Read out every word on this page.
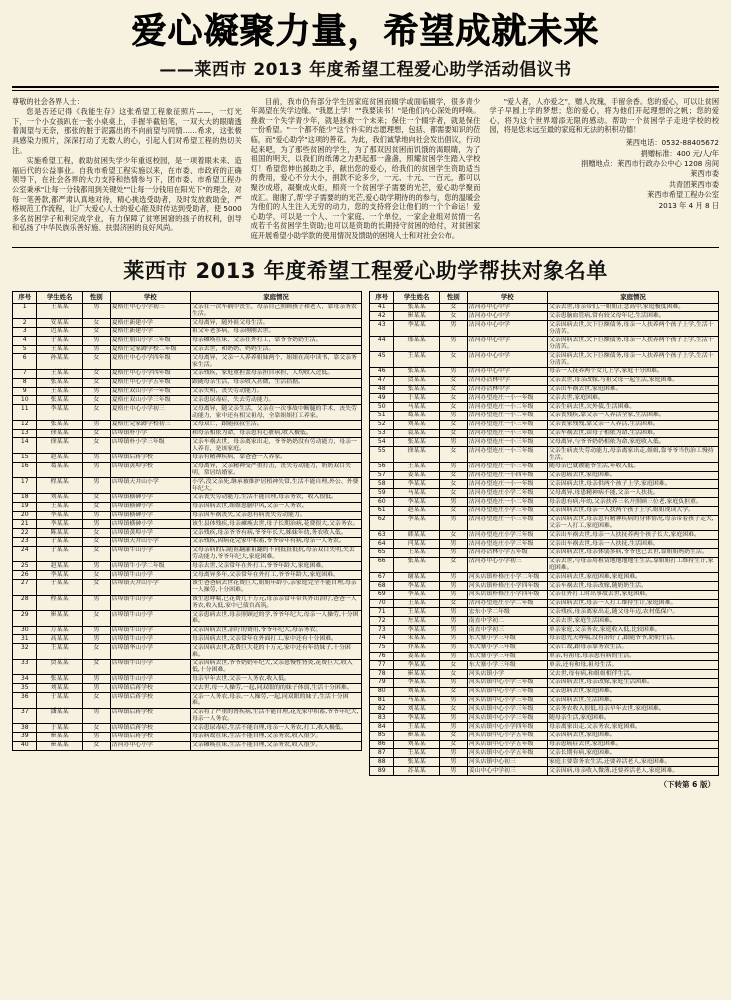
爱心凝聚力量，希望成就未来
——莱西市 2013 年度希望工程爱心助学活动倡议书

尊敬的社会各界人士：

您是否还记得《我能生存》这张希望工程象征照片——，一灯光下，一个小女孩趴在一张小桌桌上，手握半截铅笔，一双大大的眼睛透着渴望与无奈，那张的脏于泥露出的不向前望与同情……希求，这张极具感染力照片，深深打动了无数人的心，引起人们对希望工程的热切关注。

实施希望工程，救助贫困失学少年重返校园，是一项着眼未来、造福后代的公益事业。自我市希望工程实施以来，在市委、市政府的正确领导下，在社会各界的大力支持和热情参与下，团市委、市希望工程办公室秉承"让每一分钱都用到关键处""让每一分钱用在阳光下"的理念，对每一笔善款,都严肃认真地对待，精心挑选受助者，及时发放救助金，严格规范工作流程，让广大爱心人士的爱心能及时传达到受助者，使 5000 多名贫困学子和利完成学业，有力保障了贫寒困窘的孩子的权利，创导和弘扬了中华民族乐善好施、扶弱济困的良好风尚。

目前，我市仍有部分学生因家庭贫困而辍学或面临辍学，很多青少年渴望在失学边缘。"我愿上学！""我要读书！"是他们内心深处的呼唤。挽救一个失学青少年，就是拯救一个未来；保住一个辍学者，就是保住一份希望。"一个都不能少"这个朴实的志愿理想，包括、都需要知识的莅临，而"爱心助学"这项的善花。为此，我们诚挚地向社会发出倡议，行动起来吧，为了那些贫困的学生，为了那双因贫困而饥饿的渴眼睛，为了祖国的明天，以我们的纸薄之力把起那一盏盏，照耀贫困学生踏入学校灯！希望您伸出援助之手，献出您的爱心，给我们的贫困学生资助适当的费用，爱心不分大小，捐款不论多少，一元、十元、一百元，都可以聚沙成塔，凝聚成火炬，照亮一个贫困学子需要的光芒，爱心助学聚而成汇。谢谢了,帮'学子需要的的光芒,爱心助学期待的的参与，您的温暖会为他们的人生注入无穷的动力，您的支持将会让他们的一个个命运！爱心助学，可以是一个人、一个家庭、一个单位，一家企业组对贫情一名成若千名贫困学生资助;也可以是资助的长期持守贫困的给付，对贫困家庭开展希望小助学款的使用情况及馈助的困境人士和对社会公布。

"爱人者，人亦爱之"，赠人玫瑰，手留余香。您的爱心，可以让贫困学子早圆上学的梦想；您的爱心，将为他们开起理想的之帆；您的爱心，将为这个世界增添无限的感动。帮助一个贫困学子走进学校的校园，将是您未远至最的家庭和无法的积积功德！

莱西电话：0532-88405672

捐赠标准：400 元/人/年

捐赠地点：莱西市行政办公中心 1208 房间

莱西市委

共青团莱西市委

莱西市希望工程办公室

2013 年 4 月 8 日

莱西市 2013 年度希望工程爱心助学帮扶对象名单
序号	学生姓名	性别	学校	家庭情况
1	王某某	男	夏格庄中心小学初三	父亲在一次车祸中丧生，母亲自己照顾孩子和老人，靠母亲务农生活。
2	安某某	女	夏格庄新建小学	父母离异，随外祖父母生活。
3	迟某某	女	夏格庄新建小学	祖父年老多病，母亲刚刚去世。
4	于某某	男	夏格庄朋山小学三年级	母亲瘫痪在床，父亲在外打工，靠爷爷奶奶生活。
5	王某某	男	夏格庄完家蹲学校二年级	父亲去世，和奶奶、妈妈生活。
6	孙某某	女	夏格庄中心小学四年级	父母离异，父亲一人养养姐妹两个，姐姐在高中读书，靠父亲务家生活。
7	王某某	女	夏格庄中心小学四年级	父亲残疾，家庭重担盖母亲担自承担，人均收入过低。
8	张某某	女	夏格庄中心小学五年级	跟随母亲生活，母亲收入甚微，生活拮据。
9	王某某	男	夏格庄双山小学一年级	父亲失明，丧失劳动能力。
10	张某某	女	夏格庄双山小学三年级	父亲患尿毒症，失去劳动能力。
11	李某某	女	夏格庄中心小学初三	父母离异，随父亲生活，父亲在一次事故中断腿的手术，丧失劳动能力，家中还有相父祖母，全靠姐姐打工养家。
12	张某某	男	夏格庄完家蹲学校初三	父母双亡，跟随叔叔生活。
13	徐某某	女	店埠镇朴小学	和母亲相依为命，母亲患有心脏病,收入极低。
14	徐某某	女	店埠镇朴小学三年级	父亲车祸去世，母亲离家出走，爷爷奶奶没有劳动能力，母亲一人养育，是该家庭。
15	赵某某	男	店埠镇后蒋学校	母亲有精神疾病，靠爸爸一人养家。
16	葛某某	男	店埠镇黄埠学校	父母离异，父亲精神受严重打击，丧失劳动能力，奶奶双目失明，常居结婚家。
17	程某某	男	店埠镇天井山小学	小学,没父亲死,继承被维护居植神失常,生活不能自理,外公、外婆年纪大。
18	刘某某	女	店埠镇横砷小学	父亲丧失劳动能力,生活不能自理,母亲务农，收入很低。
19	王某某	女	店埠镇横砷小学	母亲因病去世,姐姐患脑中风,父亲一人务农。
20	李某某	男	店埠镇横砷小学	母亲因车祸丧失,父亲患有病丧失劳动能力。
21	李某某	男	店埠镇横砷小学	该生县体残疾,母亲瘫痪去世,母子长期治病,花费很大,父亲务农。
22	陈某某	女	店埠镇黄埠小学	父亲残疾,母亲爷爷有病,爷爷年长大,姊妹年幼,务农收入低。
23	于某某	女	店埠镇天井山小学	父亲残疾,因病花完家中积蓄,爷爷带年有病,母亲一人务农。
24	于某某	女	店埠镇牛山小学	父母亲病的后随祖翻灌祖翻的不同抵扯抵抗,母亲双目失明,失去劳动能力,爷爷年纪大,家庭困难。
25	赵某某	男	店埠镇牛小学二年级	母亲去世,父亲常年在外打工,爷爷年龄大,家庭困难。
26	李某某	女	店埠镇牛山小学	父母离异多年,父亲常年在外打工,爷爷年龄大,家庭困难。
27	于某某	女	店埠镇天井山小学	该生爸爸病去世花费巨大,姐姐年龄小,亲家庭完全不能自理,母亲一人操劳,十分困难。
28	程某某	男	店埠镇牛山小学	该生患哮喘,已花费几十万元,母亲亲常年带其外出治疗,爸爸一人务农,收入低,家中已债台高筑。
29	崔某某	女	店埠镇牛山小学	父亲患病去世,母亲照顾过的学,爷爷年纪大,母亲一人操劳,十分困难。
30	万某某	男	店埠镇牛山小学	父亲因病去世,治疗的费用,爷爷年纪大,母亲务农。
31	高某某	男	店埠镇牛山小学	母亲因病去世,父亲常年在外面打工,家中还有十分困难。
32	王某某	女	店埠镇华山小学	父亲因病去世,花费巨大花的十万元,家中还有年幼妹子,十分困难。
33	贾某某	女	店埠镇牛山小学	父亲因病去世,爷爷奶奶年纪大,父亲患慢性肾炎,花费巨大,收入低,十分困难。
34	张某某	男	店埠镇牛山小学	母亲早年去世,父亲一人务农,收入低。
35	刘某某	男	店埠镇后蒋学校	父去世,母一人操劳,一起,同双眼的的妹子体弱,生活十分困难。
36	于某某	女	店埠镇后蒋学校	父亲一人务农,母亲,一人操劳,一起,同双眼的妹子,生活十分困难。
37	潘某某	男	店埠镇后蒋学校	父亲将了严重的肾疾病,生活不能自理,花光家中积蓄,爷爷年纪大,母亲一人务农。
38	于某某	女	店埠镇后蒋学校	父亲患尿毒症,生活不能自理,母亲一人务农,打工,收入极低。
39	崔某某	男	店埠镇后蒋学校	母亲病故在床,生活不能自理,父亲务农,收入很少。
40	崔某某	女	沽河办中心小学	父亲瘫痪在床,生活不能自理,父亲务农,收入很少。
序号	学生姓名	性别	学校	家庭情况
41	张某某	女	沽河办中心中学	父亲去世,母亲带们,一姐姐正念高中,家庭极度困难。
42	崔某某	女	沽河办中心中学	父亲患脑血管病,常有较父母年记,生活困难。
43	李某某	男	沽河办中心中学	父亲因病去世,欠下巨额债务,母亲一人扶养两个孩子上学,生活十分清苦。
44	邢某某	男	沽河办中心中学	父亲因病去世,欠下巨额债务,母亲一人扶养两个孩子上学,生活十分清苦。
45	王某某	女	沽河办中心中学	父亲因病去世,欠下巨额债务,母亲一人扶养两个孩子上学,生活十分清苦。
46	张某某	男	沽河办中心中学	母亲一人抚养两个女儿上学,家庭十分困难。
47	贺某某	女	沽河办沽林中学	父亲去世,母亲改嫁,与祖父母一起生活,家庭困难。
48	张某某	女	沽河办沽林中学	父亲出车祸去世,家庭困难。
49	于某某	女	沽河办望连庄一小一年级	父亲去世,家庭困难。
50	马某某	女	沽河办望连庄一小二年级	父亲生病去世,欠外债,生活困难。
51	葛某某	男	沽河办望连庄一小二年级	父亲丧残疾,靠父亲一人养活全家,生活困难。
52	刘某某	女	沽河办望连庄一小三年级	父亲丧家残残,靠父亲一人养活,生活困难。
53	袁某某	女	沽河办望连庄一小三年级	父亲车祸去世,由母子相依为命,生活困难。
54	张某某	男	沽河办望连庄一小三年级	父母离异,与爷爷奶奶相依为命,家庭收入低。
55	徐某某	女	沽河办望连庄一小三年级	父亲生病丧失劳动能力,母亲离家出走,姐姐,靠爷爷当伤治工慢持生活。
56	王某某	男	沽河办望连庄一小三年级	随母亲巴就被能爷生活,年收入低。
57	姜某某	女	沽河办望连庄一小四年级	父亲患癌去世,家庭困难。
58	李某某	女	沽河办望连庄一小一年级	父亲因病去世,母亲供两个孩子上学,家庭困难。
59	马某某	女	沽河办望连庄小学二年级	父母离异,母患精神病不能,父亲一人扶抚。
60	李某某	男	沽河办望连庄一小二年级	母亲患有病,年幼,父亲扶养三名开照顾三位老,家庭负担重。
61	赵某某	女	沽河办望连庄小学三年级	父亲因病去世,母亲一人扶两个孩子上学,姐姐现读大学。
62	李某某	男	沽河办望连庄一小三年级	父亲因病去世,母亲患有精神疾病的身体情况,母亲带着孩子走夫,父亲一人打工,家庭困难。
63	韩某某	女	沽河办望连庄小学三年级	父亲出车祸去世,母亲一人扶抚养两个孩子长大,家庭困难。
64	闫某某	男	沽河办望连庄小学三年级	父亲出车祸去世,母亲一人扶抚,生活困难。
65	王某某	男	沽河办沽林小学五年级	父亲因病去世,母亲体弱多病,爷爷也已去世,靠姐姐妈奶生活。
66	张某某	女	沽河办中心小学初三	父亲去世,与母亲用租赁地地地地生生活,靠姐姐打工维持生计,家庭困难。
67	谢某某	男	河头店镇朴格庄小学二年级	父亲因病去世,家庭困难,家庭困难。
68	李某某	男	河头店镇朴格庄小学四年级	父亲车祸去世,母亲改嫁,随奶奶生活。
69	李某某	男	河头店镇朴格庄小学四年级	父亲在外打工时出事故去世,家庭困难。
70	王某某	女	沽河办望连庄小学二年级	父亲因病去世,母亲一人打工维持生计,家庭困难。
71	王某某	男	宏东小学二年级	父亲残疾,母亲离家出走,随父母年迈,农村低保户。
72	左某某	男	南直中学初二	父亲去世,家庭生活困难。
73	李某某	男	南直中学初三	单亲家庭,父亲务农,家庭收入低,比较困难。
74	宋某某	男	东大寨小学三年级	母亲患先天哮喘,没有治好了,跟随爷爷,奶奶生活。
75	乔某某	男	东大寨小学三年级	父亲亡故,跟母亲靠务农生活。
76	姜某某	男	东大寨小学三年级	单亲,有祖母,母亲患有病的生活。
77	李某某	女	东大寨小学三年级	单亲,还有和母,祖母生活。
78	崔某某	女	河头店镇小学	父去世,母有病,和姐姐相伴生活。
79	李某某	男	河头店镇中心小学三年级	父亲因病去世,母亲改嫁,家庭生活困难。
80	刘某某	女	河头店镇中心小学三年级	父亲患病去世,家庭困难。
81	马某某	男	河头店镇中心小学三年级	父亲因病去世,生活困难。
82	刘某某	女	河头店镇中心小学三年级	父亲务农收入很低,母亲早年去世,家庭困难。
83	李某某	男	河头店镇中心小学三年级	随母亲生活,家庭困难。
84	王某某	男	河头店镇中心小学四年级	母亲离家出走,父亲务农,家庭困难。
85	崔某某	女	河头店镇中心小学五年级	父亲因病去世,家庭困难。
86	刘某某	女	河头店镇中心小学五年级	母亲患癌症去世,家庭困难。
87	王某某	男	河头店镇中心小学五年级	父亲长期有病,家庭困难。
88	张某某	男	河头店镇中心初三	家庭主要靠务农生活,还要养活老人,家庭困难。
89	苏某某	男	姜山中心中学初三	父亲因病,母亲收入微薄,还要养活老人,家庭困难。
（下转第 6 版）
